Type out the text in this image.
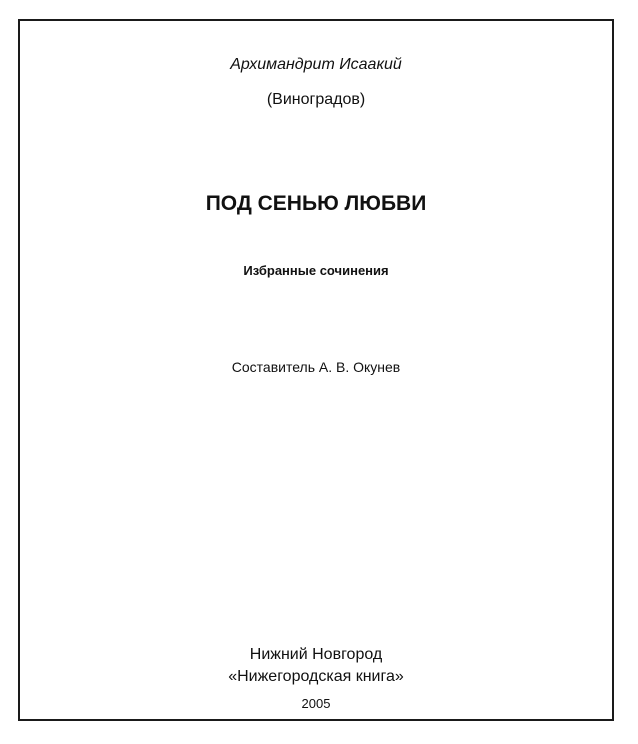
Архимандрит Исаакий
(Виноградов)
ПОД СЕНЬЮ ЛЮБВИ
Избранные сочинения
Составитель А. В. Окунев
Нижний Новгород
«Нижегородская книга»
2005
